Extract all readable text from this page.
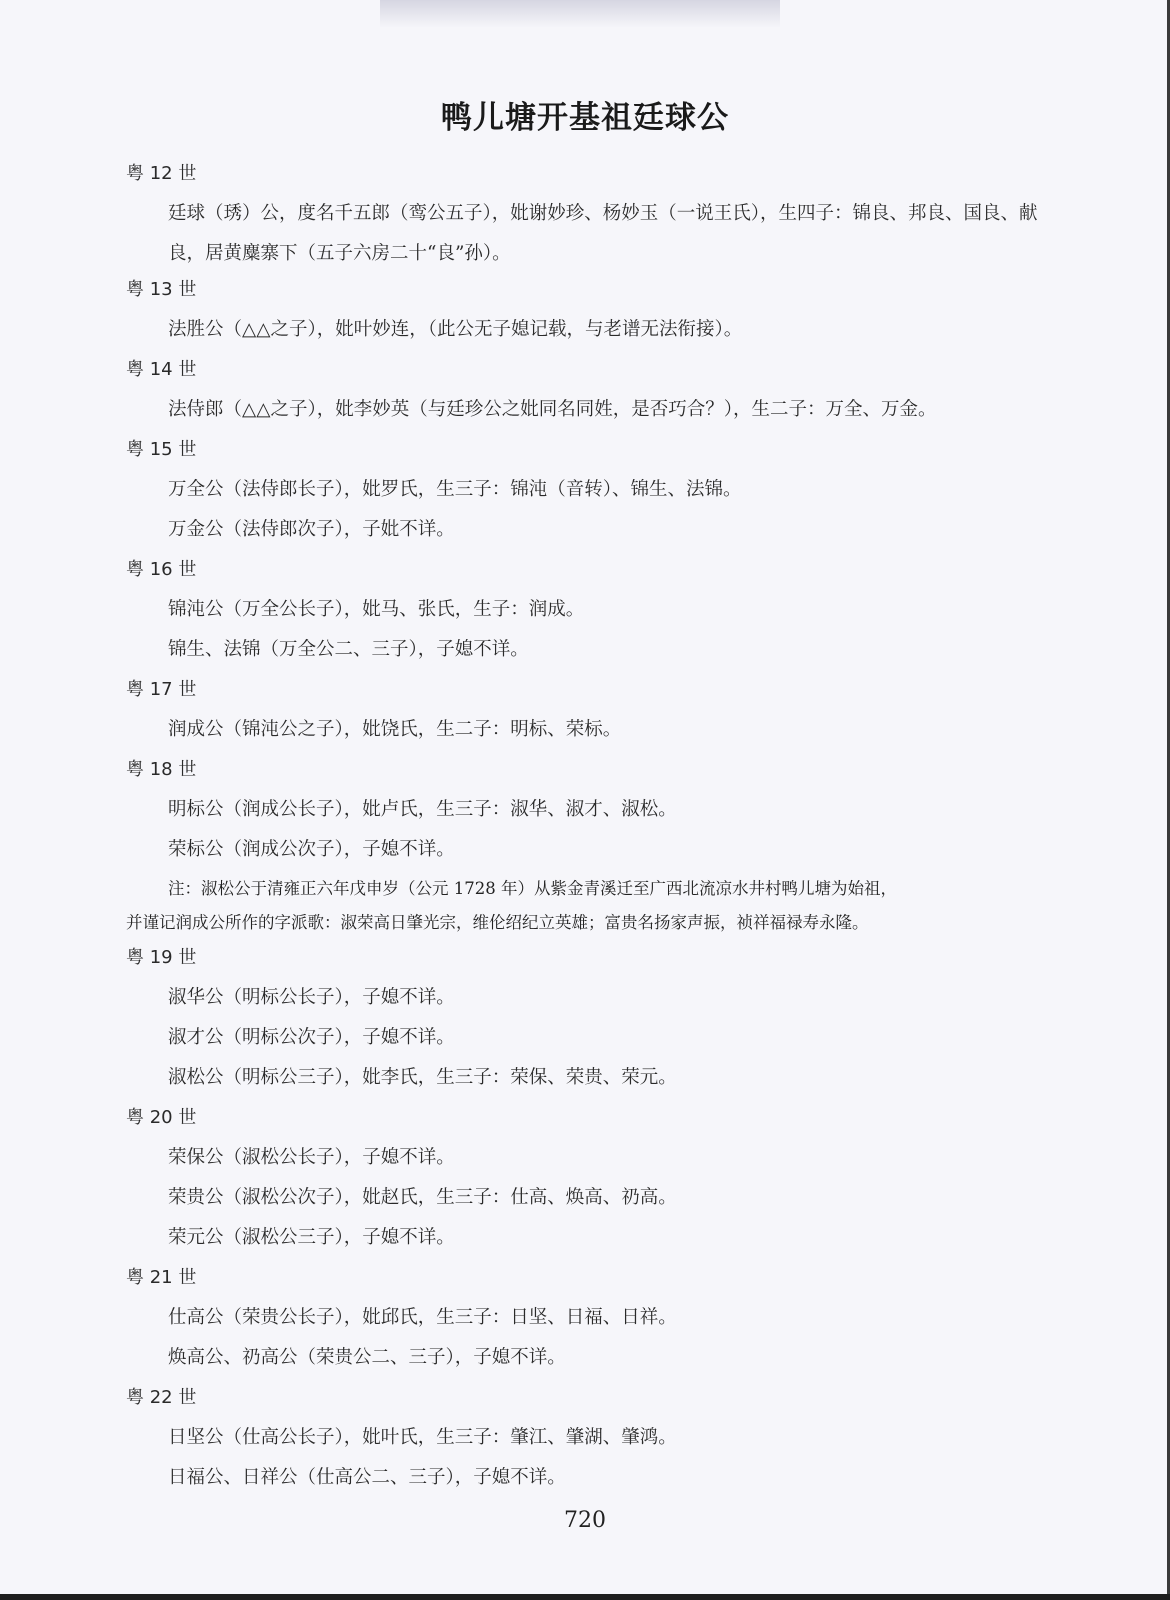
鸭儿塘开基祖廷球公
粤 12 世
廷球（琇）公，度名千五郎（鸾公五子），妣谢妙珍、杨妙玉（一说王氏），生四子：锦良、邦良、国良、献良，居黄麋寨下（五子六房二十“良”孙）。
粤 13 世
法胜公（△△之子），妣叶妙连，（此公无子媳记载，与老谱无法衔接）。
粤 14 世
法侍郎（△△之子），妣李妙英（与廷珍公之妣同名同姓，是否巧合？），生二子：万全、万金。
粤 15 世
万全公（法侍郎长子），妣罗氏，生三子：锦沌（音转）、锦生、法锦。
万金公（法侍郎次子），子妣不详。
粤 16 世
锦沌公（万全公长子），妣马、张氏，生子：润成。
锦生、法锦（万全公二、三子），子媳不详。
粤 17 世
润成公（锦沌公之子），妣饶氏，生二子：明标、荣标。
粤 18 世
明标公（润成公长子），妣卢氏，生三子：淑华、淑才、淑松。
荣标公（润成公次子），子媳不详。
注：淑松公于清雍正六年戊申岁（公元 1728 年）从紫金青溪迁至广西北流凉水井村鸭儿塘为始祖，
并谨记润成公所作的字派歌：淑荣高日肇光宗，维伦绍纪立英雄；富贵名扬家声振，祯祥福禄寿永隆。
粤 19 世
淑华公（明标公长子），子媳不详。
淑才公（明标公次子），子媳不详。
淑松公（明标公三子），妣李氏，生三子：荣保、荣贵、荣元。
粤 20 世
荣保公（淑松公长子），子媳不详。
荣贵公（淑松公次子），妣赵氏，生三子：仕高、焕高、礽高。
荣元公（淑松公三子），子媳不详。
粤 21 世
仕高公（荣贵公长子），妣邱氏，生三子：日坚、日福、日祥。
焕高公、礽高公（荣贵公二、三子），子媳不详。
粤 22 世
日坚公（仕高公长子），妣叶氏，生三子：肇江、肇湖、肇鸿。
日福公、日祥公（仕高公二、三子），子媳不详。
720
